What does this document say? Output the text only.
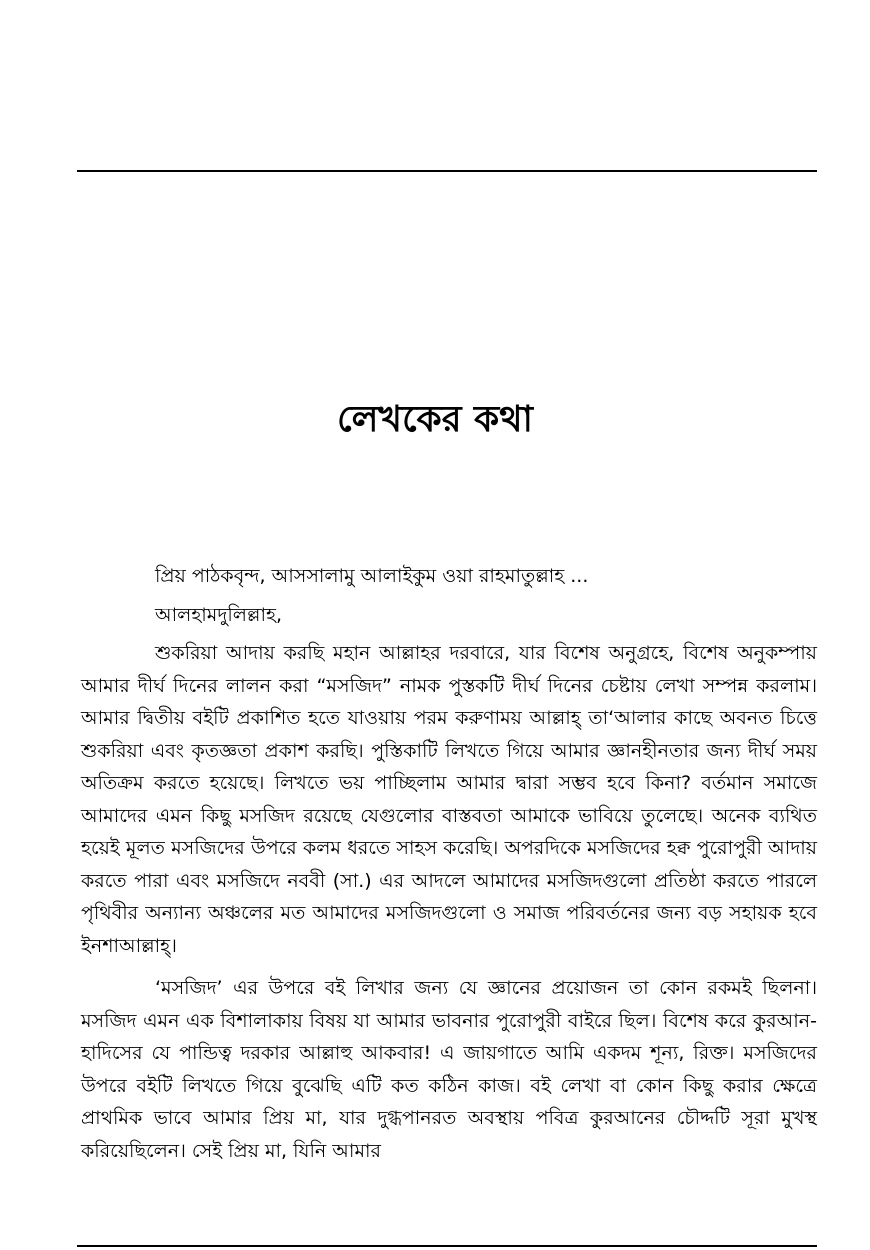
লেখকের কথা

প্রিয় পাঠকবৃন্দ, আসসালামু আলাইকুম ওয়া রাহমাতুল্লাহ ...

আলহামদুলিল্লাহ,

শুকরিয়া আদায় করছি মহান আল্লাহর দরবারে, যার বিশেষ অনুগ্রহে, বিশেষ অনুকম্পায় আমার দীর্ঘ দিনের লালন করা “মসজিদ” নামক পুস্তকটি দীর্ঘ দিনের চেষ্টায় লেখা সম্পন্ন করলাম। আমার দ্বিতীয় বইটি প্রকাশিত হতে যাওয়ায় পরম করুণাময় আল্লাহ্ তা‘আলার কাছে অবনত চিত্তে শুকরিয়া এবং কৃতজ্ঞতা প্রকাশ করছি। পুস্তিকাটি লিখতে গিয়ে আমার জ্ঞানহীনতার জন্য দীর্ঘ সময় অতিক্রম করতে হয়েছে। লিখতে ভয় পাচ্ছিলাম আমার দ্বারা সম্ভব হবে কিনা? বর্তমান সমাজে আমাদের এমন কিছু মসজিদ রয়েছে যেগুলোর বাস্তবতা আমাকে ভাবিয়ে তুলেছে। অনেক ব্যথিত হয়েই মূলত মসজিদের উপরে কলম ধরতে সাহস করেছি। অপরদিকে মসজিদের হক্ব পুরোপুরী আদায় করতে পারা এবং মসজিদে নববী (সা.) এর আদলে আমাদের মসজিদগুলো প্রতিষ্ঠা করতে পারলে পৃথিবীর অন্যান্য অঞ্চলের মত আমাদের মসজিদগুলো ও সমাজ পরিবর্তনের জন্য বড় সহায়ক হবে ইনশাআল্লাহ্।

‘মসজিদ’ এর উপরে বই লিখার জন্য যে জ্ঞানের প্রয়োজন তা কোন রকমই ছিলনা। মসজিদ এমন এক বিশালাকায় বিষয় যা আমার ভাবনার পুরোপুরী বাইরে ছিল। বিশেষ করে কুরআন-হাদিসের যে পান্ডিত্ব দরকার আল্লাহু আকবার! এ জায়গাতে আমি একদম শূন্য, রিক্ত। মসজিদের উপরে বইটি লিখতে গিয়ে বুঝেছি এটি কত কঠিন কাজ। বই লেখা বা কোন কিছু করার ক্ষেত্রে প্রাথমিক ভাবে আমার প্রিয় মা, যার দুগ্ধপানরত অবস্থায় পবিত্র কুরআনের চৌদ্দটি সূরা মুখস্থ করিয়েছিলেন। সেই প্রিয় মা, যিনি আমার
